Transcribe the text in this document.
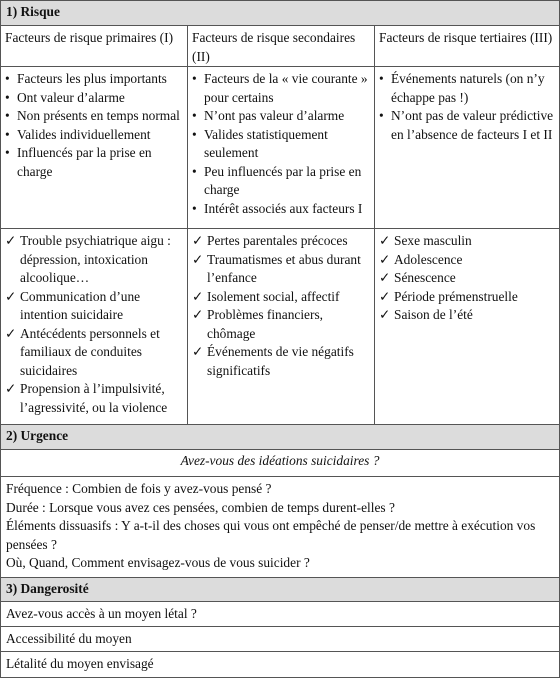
1) Risque
Facteurs de risque primaires (I)	Facteurs de risque secondaires (II)
Facteurs de risque tertiaires (III)
• Facteurs les plus importants
• Ont valeur d’alarme
• Non présents en temps normal
• Valides individuellement
• Influencés par la prise en charge
• Facteurs de la « vie courante » pour certains
• N’ont pas valeur d’alarme
• Valides statistiquement seulement
• Peu influencés par la prise en charge
• Intérêt associés aux facteurs I
• Événements naturels (on n’y échappe pas !)
• N’ont pas de valeur prédictive en l’absence de facteurs I et II
✓ Trouble psychiatrique aigu : dépression, intoxication alcoolique…
✓ Communication d’une intention suicidaire
✓ Antécédents personnels et familiaux de conduites suicidaires
✓ Propension à l’impulsivité, l’agressivité, ou la violence
✓ Pertes parentales précoces
✓ Traumatismes et abus durant l’enfance
✓ Isolement social, affectif
✓ Problèmes financiers, chômage
✓ Événements de vie négatifs significatifs
✓ Sexe masculin
✓ Adolescence
✓ Sénescence
✓ Période prémenstruelle
✓ Saison de l’été
2) Urgence
Avez-vous des idéations suicidaires ?
Fréquence : Combien de fois y avez-vous pensé ?
Durée : Lorsque vous avez ces pensées, combien de temps durent-elles ?
Éléments dissuasifs : Y a-t-il des choses qui vous ont empêché de penser/de mettre à exécution vos pensées ?
Où, Quand, Comment envisagez-vous de vous suicider ?
3) Dangerosité
Avez-vous accès à un moyen létal ?
Accessibilité du moyen
Létalité du moyen envisagé
